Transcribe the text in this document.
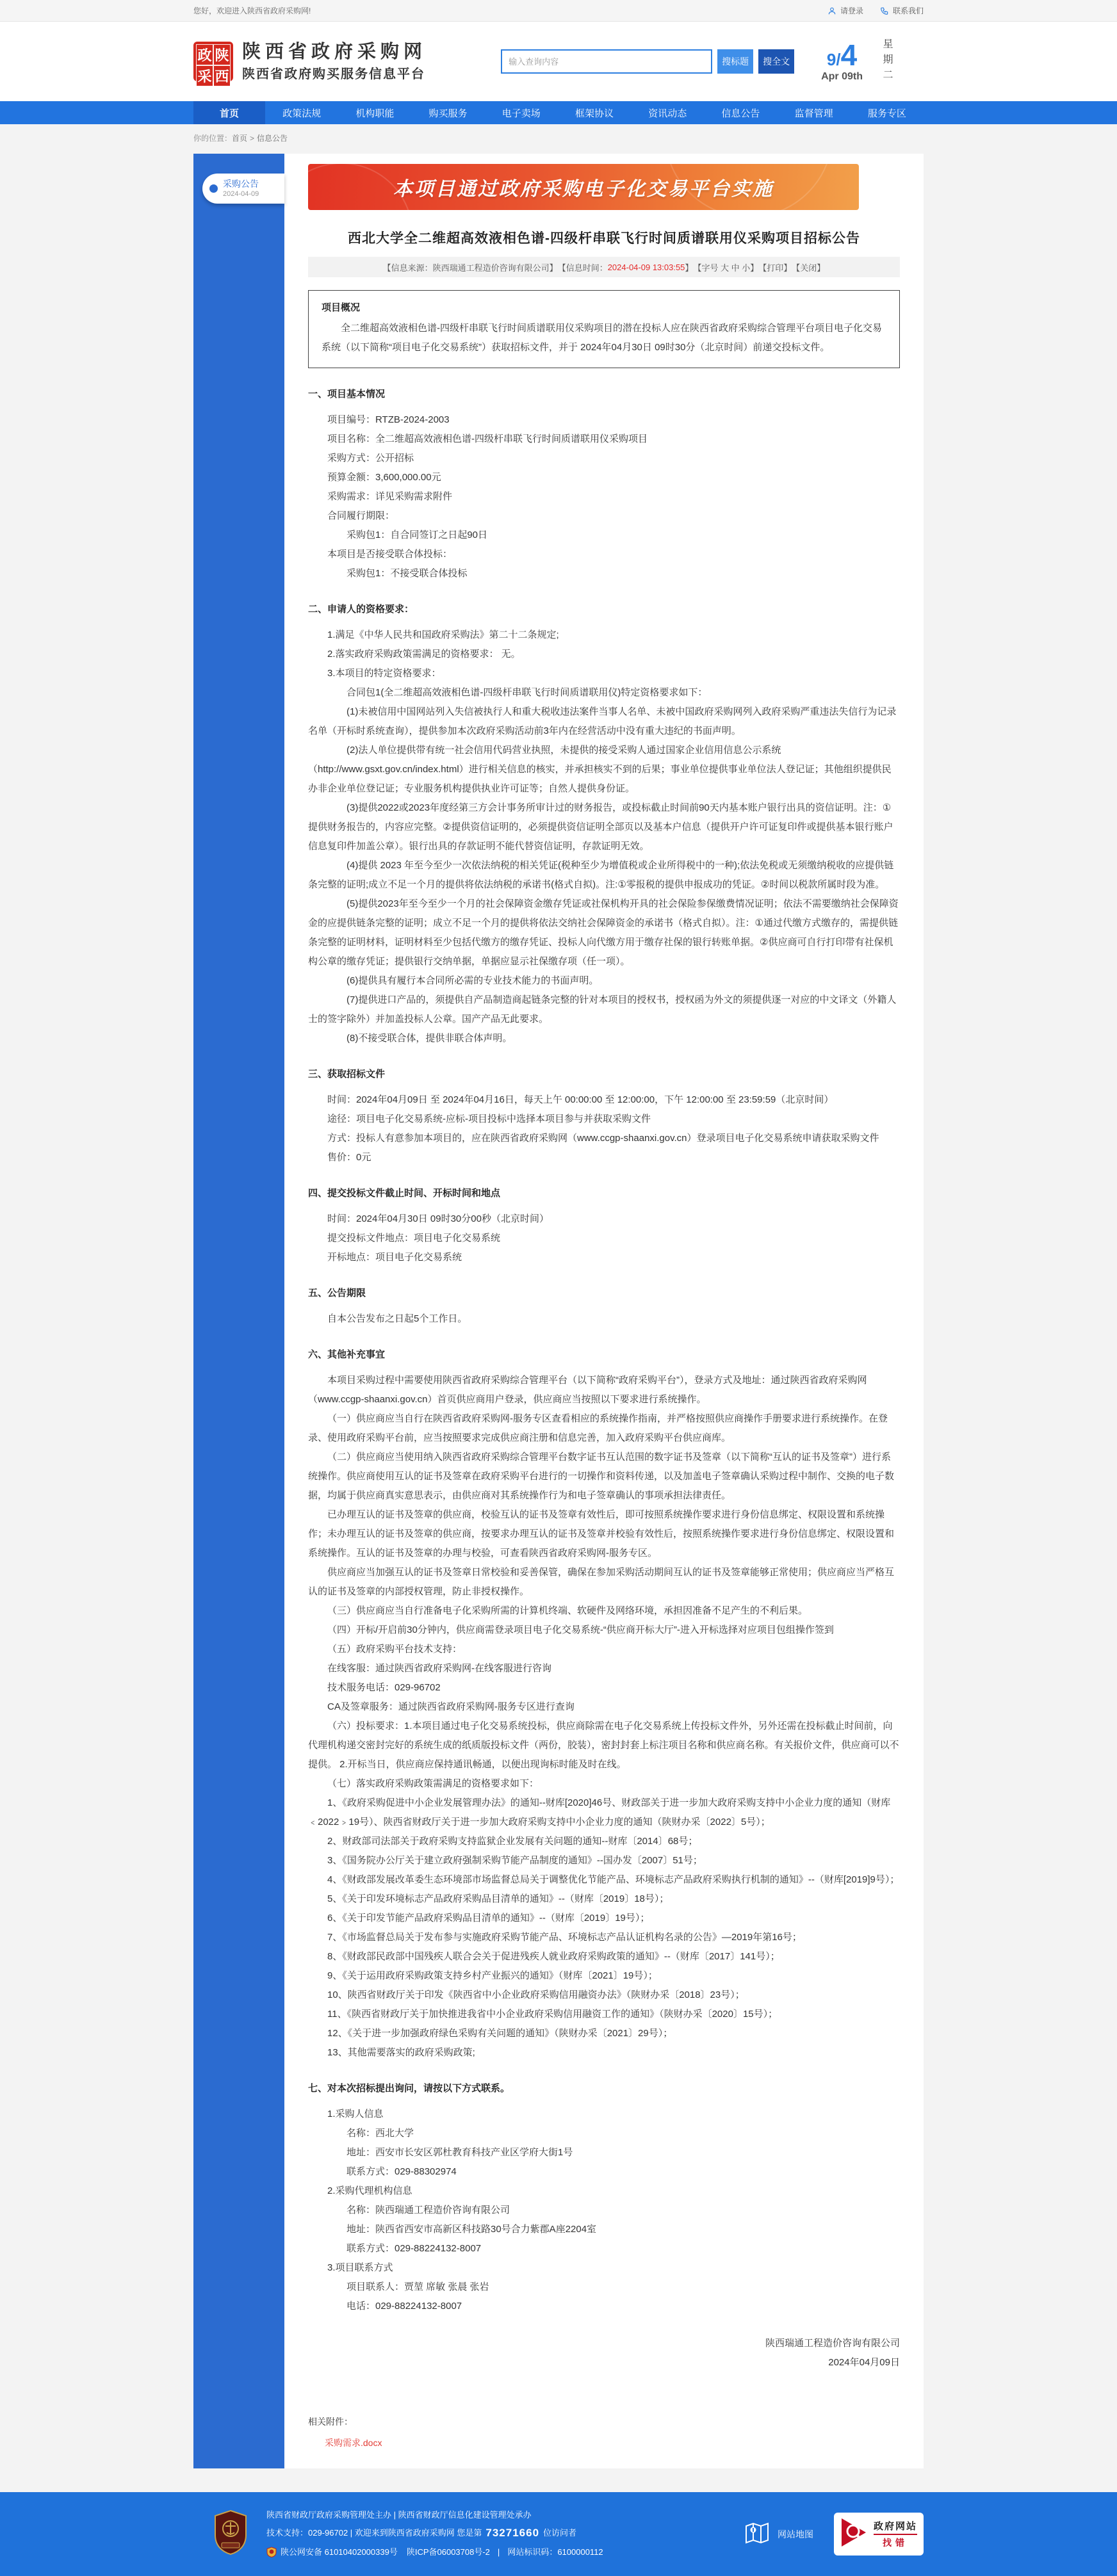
您好，欢迎进入陕西省政府采购网!	请登录	联系我们
政 陕
采 西
陕西省政府采购网
陕西省政府购买服务信息平台
输入查询内容
搜标题	搜全文	9/4
Apr 09th 星期二
首页	政策法规	机构职能	购买服务	电子卖场	框架协议	资讯动态	信息公告	监督管理	服务专区
你的位置：首页 > 信息公告
采购公告
2024-04-09	本项目通过政府采购电子化交易平台实施
西北大学全二维超高效液相色谱-四级杆串联飞行时间质谱联用仪采购项目招标公告
【信息来源：陕西瑞通工程造价咨询有限公司】 【信息时间： 2024-04-09 13:03:55 】 【字号 大 中 小】 【打印】 【关闭】
项目概况

全二维超高效液相色谱-四级杆串联飞行时间质谱联用仪采购项目的潜在投标人应在陕西省政府采购综合管理平台项目电子化交易系统（以下简称“项目电子化交易系统”）获取招标文件，并于 2024年04月30日 09时30分（北京时间）前递交投标文件。

一、项目基本情况

项目编号：RTZB-2024-2003

项目名称：全二维超高效液相色谱-四级杆串联飞行时间质谱联用仪采购项目

采购方式：公开招标

预算金额：3,600,000.00元

采购需求：详见采购需求附件

合同履行期限：

采购包1：自合同签订之日起90日

本项目是否接受联合体投标：

采购包1：不接受联合体投标

二、申请人的资格要求：

1.满足《中华人民共和国政府采购法》第二十二条规定;

2.落实政府采购政策需满足的资格要求： 无。

3.本项目的特定资格要求：

合同包1(全二维超高效液相色谱-四级杆串联飞行时间质谱联用仪)特定资格要求如下：

(1)未被信用中国网站列入失信被执行人和重大税收违法案件当事人名单、未被中国政府采购网列入政府采购严重违法失信行为记录名单（开标时系统查询），提供参加本次政府采购活动前3年内在经营活动中没有重大违纪的书面声明。

(2)法人单位提供带有统一社会信用代码营业执照，未提供的接受采购人通过国家企业信用信息公示系统（http://www.gsxt.gov.cn/index.html）进行相关信息的核实，并承担核实不到的后果；事业单位提供事业单位法人登记证；其他组织提供民办非企业单位登记证；专业服务机构提供执业许可证等；自然人提供身份证。

(3)提供2022或2023年度经第三方会计事务所审计过的财务报告，或投标截止时间前90天内基本账户银行出具的资信证明。注：①提供财务报告的，内容应完整。②提供资信证明的，必须提供资信证明全部页以及基本户信息（提供开户许可证复印件或提供基本银行账户信息复印件加盖公章）。银行出具的存款证明不能代替资信证明，存款证明无效。

(4)提供 2023 年至今至少一次依法纳税的相关凭证(税种至少为增值税或企业所得税中的一种);依法免税或无须缴纳税收的应提供链条完整的证明;成立不足一个月的提供将依法纳税的承诺书(格式自拟)。注:①零报税的提供申报成功的凭证。②时间以税款所属时段为准。

(5)提供2023年至今至少一个月的社会保障资金缴存凭证或社保机构开具的社会保险参保缴费情况证明；依法不需要缴纳社会保障资金的应提供链条完整的证明；成立不足一个月的提供将依法交纳社会保障资金的承诺书（格式自拟）。注：①通过代缴方式缴存的，需提供链条完整的证明材料，证明材料至少包括代缴方的缴存凭证、投标人向代缴方用于缴存社保的银行转账单据。②供应商可自行打印带有社保机构公章的缴存凭证；提供银行交纳单据，单据应显示社保缴存项（任一项）。

(6)提供具有履行本合同所必需的专业技术能力的书面声明。

(7)提供进口产品的，须提供自产品制造商起链条完整的针对本项目的授权书，授权函为外文的须提供逐一对应的中文译文（外籍人士的签字除外）并加盖投标人公章。国产产品无此要求。

(8)不接受联合体，提供非联合体声明。

三、获取招标文件

时间：2024年04月09日 至 2024年04月16日，每天上午 00:00:00 至 12:00:00，下午 12:00:00 至 23:59:59（北京时间）

途径：项目电子化交易系统-应标-项目投标中选择本项目参与并获取采购文件

方式：投标人有意参加本项目的，应在陕西省政府采购网（www.ccgp-shaanxi.gov.cn）登录项目电子化交易系统申请获取采购文件

售价：0元

四、提交投标文件截止时间、开标时间和地点

时间：2024年04月30日 09时30分00秒（北京时间）

提交投标文件地点：项目电子化交易系统

开标地点：项目电子化交易系统

五、公告期限

自本公告发布之日起5个工作日。

六、其他补充事宜

本项目采购过程中需要使用陕西省政府采购综合管理平台（以下简称“政府采购平台”），登录方式及地址：通过陕西省政府采购网（www.ccgp-shaanxi.gov.cn）首页供应商用户登录，供应商应当按照以下要求进行系统操作。

（一）供应商应当自行在陕西省政府采购网-服务专区查看相应的系统操作指南，并严格按照供应商操作手册要求进行系统操作。在登录、使用政府采购平台前，应当按照要求完成供应商注册和信息完善，加入政府采购平台供应商库。

（二）供应商应当使用纳入陕西省政府采购综合管理平台数字证书互认范围的数字证书及签章（以下简称“互认的证书及签章”）进行系统操作。供应商使用互认的证书及签章在政府采购平台进行的一切操作和资料传递，以及加盖电子签章确认采购过程中制作、交换的电子数据，均属于供应商真实意思表示，由供应商对其系统操作行为和电子签章确认的事项承担法律责任。

已办理互认的证书及签章的供应商，校验互认的证书及签章有效性后，即可按照系统操作要求进行身份信息绑定、权限设置和系统操作；未办理互认的证书及签章的供应商，按要求办理互认的证书及签章并校验有效性后，按照系统操作要求进行身份信息绑定、权限设置和系统操作。互认的证书及签章的办理与校验，可查看陕西省政府采购网-服务专区。

供应商应当加强互认的证书及签章日常校验和妥善保管，确保在参加采购活动期间互认的证书及签章能够正常使用；供应商应当严格互认的证书及签章的内部授权管理，防止非授权操作。

（三）供应商应当自行准备电子化采购所需的计算机终端、软硬件及网络环境，承担因准备不足产生的不利后果。

（四）开标/开启前30分钟内，供应商需登录项目电子化交易系统-“供应商开标大厅”-进入开标选择对应项目包组操作签到

（五）政府采购平台技术支持：

在线客服：通过陕西省政府采购网-在线客服进行咨询

技术服务电话：029-96702

CA及签章服务：通过陕西省政府采购网-服务专区进行查询

（六）投标要求：1.本项目通过电子化交易系统投标，供应商除需在电子化交易系统上传投标文件外，另外还需在投标截止时间前，向代理机构递交密封完好的系统生成的纸质版投标文件（两份，胶装），密封封套上标注项目名称和供应商名称。有关报价文件，供应商可以不提供。 2.开标当日，供应商应保持通讯畅通，以便出现询标时能及时在线。

（七）落实政府采购政策需满足的资格要求如下：

1、《政府采购促进中小企业发展管理办法》的通知--财库[2020]46号、财政部关于进一步加大政府采购支持中小企业力度的通知（财库﹤2022﹥19号）、陕西省财政厅关于进一步加大政府采购支持中小企业力度的通知（陕财办采〔2022〕5号）；

2、财政部司法部关于政府采购支持监狱企业发展有关问题的通知--财库〔2014〕68号；

3、《国务院办公厅关于建立政府强制采购节能产品制度的通知》--国办发〔2007〕51号；

4、《财政部发展改革委生态环境部市场监督总局关于调整优化节能产品、环境标志产品政府采购执行机制的通知》--（财库[2019]9号）；

5、《关于印发环境标志产品政府采购品目清单的通知》--（财库〔2019〕18号）；

6、《关于印发节能产品政府采购品目清单的通知》--（财库〔2019〕19号）；

7、《市场监督总局关于发布参与实施政府采购节能产品、环境标志产品认证机构名录的公告》—2019年第16号；

8、《财政部民政部中国残疾人联合会关于促进残疾人就业政府采购政策的通知》--（财库〔2017〕141号）；

9、《关于运用政府采购政策支持乡村产业振兴的通知》（财库〔2021〕19号）；

10、陕西省财政厅关于印发《陕西省中小企业政府采购信用融资办法》（陕财办采〔2018〕23号）；

11、《陕西省财政厅关于加快推进我省中小企业政府采购信用融资工作的通知》（陕财办采〔2020〕15号）；

12、《关于进一步加强政府绿色采购有关问题的通知》（陕财办采〔2021〕29号）；

13、其他需要落实的政府采购政策;

七、对本次招标提出询问，请按以下方式联系。

1.采购人信息

名称：西北大学

地址：西安市长安区郭杜教育科技产业区学府大街1号

联系方式：029-88302974

2.采购代理机构信息

名称：陕西瑞通工程造价咨询有限公司

地址：陕西省西安市高新区科技路30号合力紫郡A座2204室

联系方式：029-88224132-8007

3.项目联系方式

项目联系人：贾堃 席敏 张晨 张岩

电话：029-88224132-8007

陕西瑞通工程造价咨询有限公司
2024年04月09日
相关附件：
采购需求.docx
陕西省财政厅政府采购管理处主办 | 陕西省财政厅信息化建设管理处承办
技术支持：029-96702 | 欢迎来到陕西省政府采购网 您是第 73271660 位访问者
陕公网安备 61010402000339号 陕ICP备06003708号-2 | 网站标识码：6100000112
网站地图
政府网站
找错
